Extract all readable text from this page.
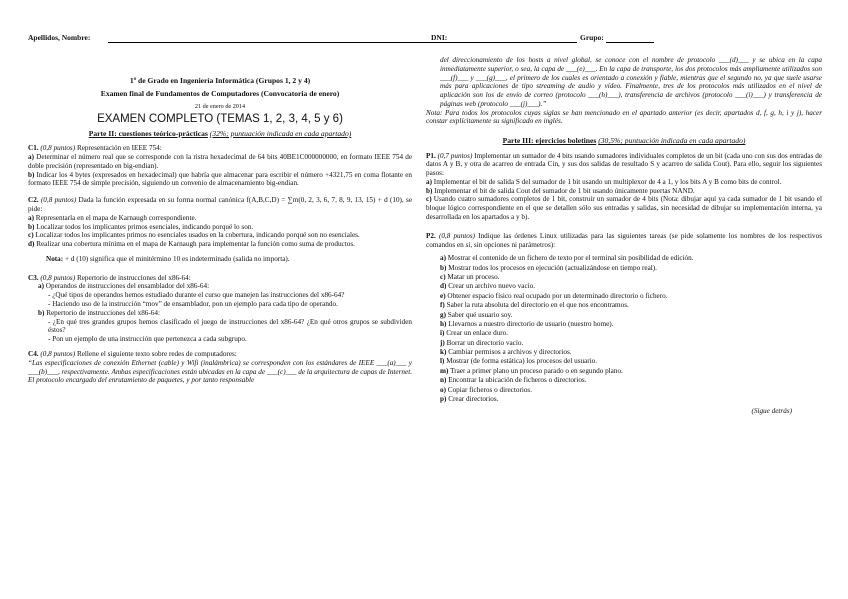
Apellidos, Nombre:	DNI:	Grupo:
1º de Grado en Ingeniería Informática (Grupos 1, 2 y 4)
Examen final de Fundamentos de Computadores (Convocatoria de enero)
21 de enero de 2014
EXAMEN COMPLETO (TEMAS 1, 2, 3, 4, 5 y 6)
Parte II: cuestiones teórico-prácticas (32%; puntuación indicada en cada apartado)
C1. (0,8 puntos) Representación en IEEE 754:
a) Determinar el número real que se corresponde con la ristra hexadecimal de 64 bits 40BE1C000000000, en formato IEEE 754 de doble precisión (representado en big-endian).
b) Indicar los 4 bytes (expresados en hexadecimal) que habría que almacenar para escribir el número +4321,75 en coma flotante en formato IEEE 754 de simple precisión, siguiendo un convenio de almacenamiento big-endian.
C2. (0,8 puntos) Dada la función expresada en su forma normal canónica f(A,B,C,D) = ∑m(0, 2, 3, 6, 7, 8, 9, 13, 15) + d (10), se pide:
a) Representarla en el mapa de Karnaugh correspondiente.
b) Localizar todos los implicantes primos esenciales, indicando porqué lo son.
c) Localizar todos los implicantes primos no esenciales usados en la cobertura, indicando porqué son no esenciales.
d) Realizar una cobertura mínima en el mapa de Karnaugh para implementar la función como suma de productos.
Nota: + d (10) significa que el minitérmino 10 es indeterminado (salida no importa).
C3. (0,8 puntos) Repertorio de instrucciones del x86-64:
a) Operandos de instrucciones del ensamblador del x86-64:
- ¿Qué tipos de operandos hemos estudiado durante el curso que manejen las instrucciones del x86-64?
- Haciendo uso de la instrucción “mov” de ensamblador, pon un ejemplo para cada tipo de operando.
b) Repertorio de instrucciones del x86-64:
- ¿En qué tres grandes grupos hemos clasificado el juego de instrucciones del x86-64? ¿En qué otros grupos se subdividen éstos?
- Pon un ejemplo de una instrucción que pertenezca a cada subgrupo.
C4. (0,8 puntos) Rellene el siguiente texto sobre redes de computadores:
“Las especificaciones de conexión Ethernet (cable) y Wifi (inalámbrica) se corresponden con los estándares de IEEE ___(a)___ y ___(b)___, respectivamente. Ambas especificaciones están ubicadas en la capa de ___(c)___ de la arquitectura de capas de Internet. El protocolo encargado del enrutamiento de paquetes, y por tanto responsable
del direccionamiento de los hosts a nivel global, se conoce con el nombre de protocolo ___(d)___ y se ubica en la capa inmediatamente superior, o sea, la capa de ___(e)___. En la capa de transporte, los dos protocolos más ampliamente utilizados son ___(f)___ y ___(g)___, el primero de los cuales es orientado a conexión y fiable, mientras que el segundo no, ya que suele usarse más para aplicaciones de tipo streaming de audio y vídeo. Finalmente, tres de los protocolos más utilizados en el nivel de aplicación son los de envío de correo (protocolo ___(h)___), transferencia de archivos (protocolo ___(i)___) y transferencia de páginas web (protocolo ___(j)___).”
Nota: Para todos los protocolos cuyas siglas se han mencionado en el apartado anterior (es decir, apartados d, f, g, h, i y j), hacer constar explícitamente su significado en inglés.
Parte III: ejercicios boletines (30,5%; puntuación indicada en cada apartado)
P1. (0,7 puntos) Implementar un sumador de 4 bits usando sumadores individuales completos de un bit (cada uno con sus dos entradas de datos A y B, y otra de acarreo de entrada Cin, y sus dos salidas de resultado S y acarreo de salida Cout). Para ello, seguir los siguientes pasos:
a) Implementar el bit de salida S del sumador de 1 bit usando un multiplexor de 4 a 1, y los bits A y B como bits de control.
b) Implementar el bit de salida Cout del sumador de 1 bit usando únicamente puertas NAND.
c) Usando cuatro sumadores completos de 1 bit, construir un sumador de 4 bits (Nota: dibujar aquí ya cada sumador de 1 bit usando el bloque lógico correspondiente en el que se detallen sólo sus entradas y salidas, sin necesidad de dibujar su implementación interna, ya desarrollada en los apartados a y b).
P2. (0,8 puntos) Indique las órdenes Linux utilizadas para las siguientes tareas (se pide solamente los nombres de los respectivos comandos en sí, sin opciones ni parámetros):
a) Mostrar el contenido de un fichero de texto por el terminal sin posibilidad de edición.
b) Mostrar todos los procesos en ejecución (actualizándose en tiempo real).
c) Matar un proceso.
d) Crear un archivo nuevo vacío.
e) Obtener espacio físico real ocupado por un determinado directorio o fichero.
f) Saber la ruta absoluta del directorio en el que nos encontramos.
g) Saber qué usuario soy.
h) Llevarnos a nuestro directorio de usuario (nuestro home).
i) Crear un enlace duro.
j) Borrar un directorio vacío.
k) Cambiar permisos a archivos y directorios.
l) Mostrar (de forma estática) los procesos del usuario.
m) Traer a primer plano un proceso parado o en segundo plano.
n) Encontrar la ubicación de ficheros o directorios.
o) Copiar ficheros o directorios.
p) Crear directorios.
(Sigue detrás)
